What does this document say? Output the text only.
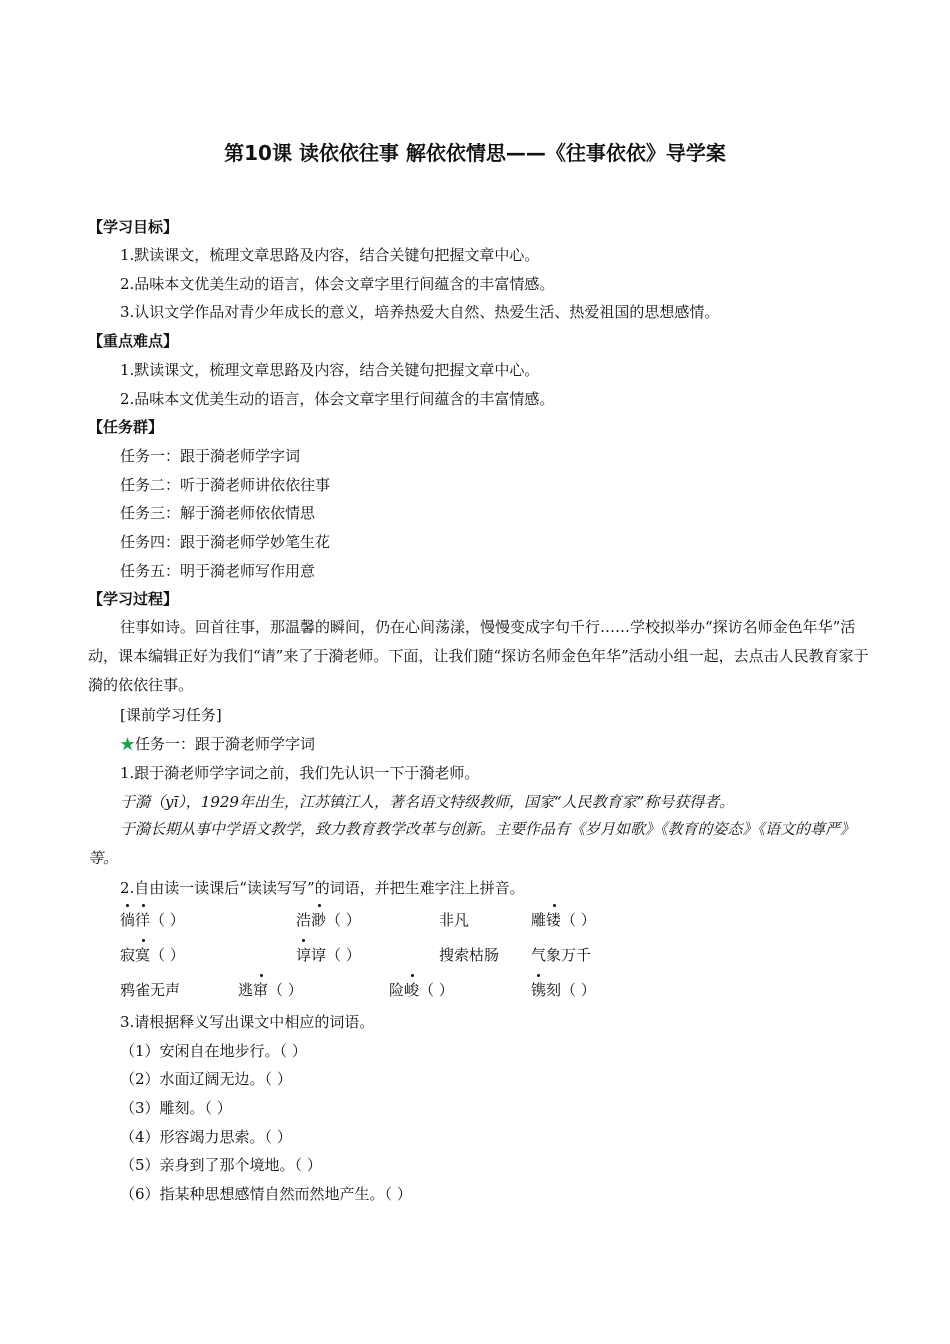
第10课 读依依往事 解依依情思——《往事依依》导学案
【学习目标】
1.默读课文，梳理文章思路及内容，结合关键句把握文章中心。
2.品味本文优美生动的语言，体会文章字里行间蕴含的丰富情感。
3.认识文学作品对青少年成长的意义，培养热爱大自然、热爱生活、热爱祖国的思想感情。
【重点难点】
1.默读课文，梳理文章思路及内容，结合关键句把握文章中心。
2.品味本文优美生动的语言，体会文章字里行间蕴含的丰富情感。
【任务群】
任务一：跟于漪老师学字词
任务二：听于漪老师讲依依往事
任务三：解于漪老师依依情思
任务四：跟于漪老师学妙笔生花
任务五：明于漪老师写作用意
【学习过程】
往事如诗。回首往事，那温馨的瞬间，仍在心间荡漾，慢慢变成字句千行……学校拟举办“探访名师金色年华”活动，课本编辑正好为我们“请”来了于漪老师。下面，让我们随“探访名师金色年华”活动小组一起，去点击人民教育家于漪的依依往事。
[课前学习任务]
★任务一：跟于漪老师学字词
1.跟于漪老师学字词之前，我们先认识一下于漪老师。
于漪（yī），1929年出生，江苏镇江人，著名语文特级教师，国家“人民教育家”称号获得者。
于漪长期从事中学语文教学，致力教育教学改革与创新。主要作品有《岁月如歌》《教育的姿态》《语文的尊严》等。
2.自由读一读课后“读读写写”的词语，并把生难字注上拼音。
徜徉（ ）	浩渺（ ）	非凡	雕镂（ ）
寂寞（ ）	谆谆（ ）	搜索枯肠 气象万千
鸦雀无声	逃窜（ ）	险峻（ ）	镌刻（ ）
3.请根据释义写出课文中相应的词语。
（1）安闲自在地步行。（ ）
（2）水面辽阔无边。（ ）
（3）雕刻。（ ）
（4）形容竭力思索。（ ）
（5）亲身到了那个境地。（ ）
（6）指某种思想感情自然而然地产生。（ ）
